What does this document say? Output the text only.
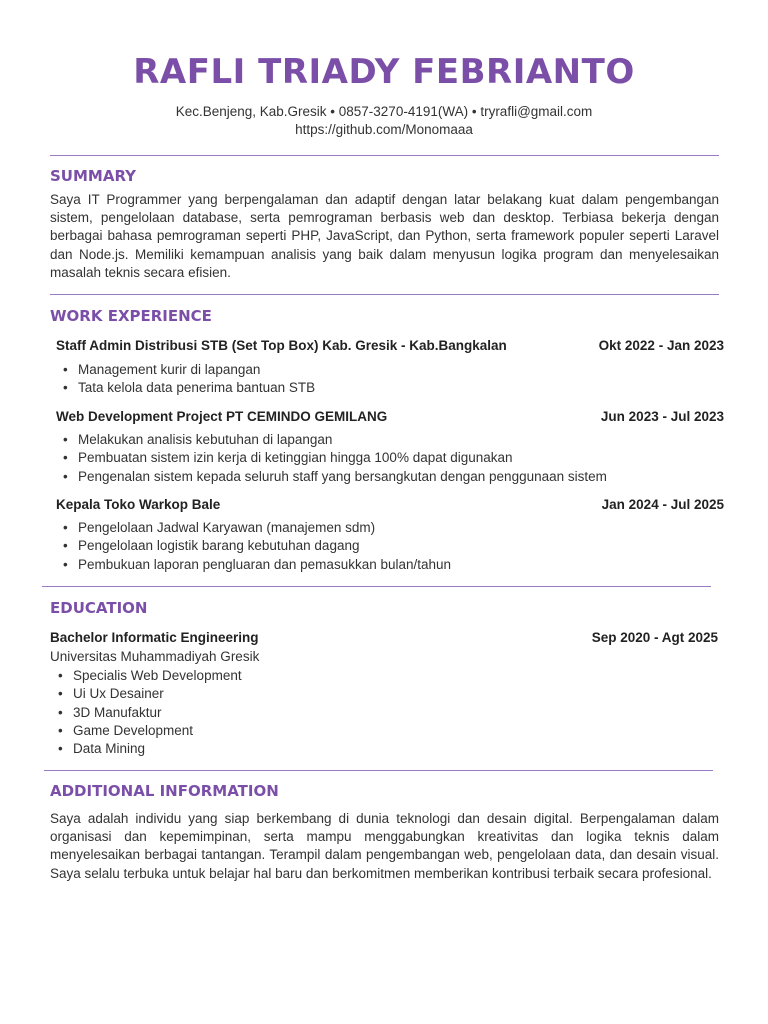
RAFLI TRIADY FEBRIANTO
Kec.Benjeng, Kab.Gresik • 0857-3270-4191(WA) • tryrafli@gmail.com
https://github.com/Monomaaa
SUMMARY

Saya IT Programmer yang berpengalaman dan adaptif dengan latar belakang kuat dalam pengembangan sistem, pengelolaan database, serta pemrograman berbasis web dan desktop. Terbiasa bekerja dengan berbagai bahasa pemrograman seperti PHP, JavaScript, dan Python, serta framework populer seperti Laravel dan Node.js. Memiliki kemampuan analisis yang baik dalam menyusun logika program dan menyelesaikan masalah teknis secara efisien.

WORK EXPERIENCE
Staff Admin Distribusi STB (Set Top Box) Kab. Gresik - Kab.Bangkalan	Okt 2022 - Jan 2023
• Management kurir di lapangan
• Tata kelola data penerima bantuan STB
Web Development Project PT CEMINDO GEMILANG	Jun 2023 - Jul 2023
• Melakukan analisis kebutuhan di lapangan
• Pembuatan sistem izin kerja di ketinggian hingga 100% dapat digunakan
• Pengenalan sistem kepada seluruh staff yang bersangkutan dengan penggunaan sistem
Kepala Toko Warkop Bale	Jan 2024 - Jul 2025
• Pengelolaan Jadwal Karyawan (manajemen sdm)
• Pengelolaan logistik barang kebutuhan dagang
• Pembukuan laporan pengluaran dan pemasukkan bulan/tahun
EDUCATION
Bachelor Informatic Engineering	Sep 2020 - Agt 2025
Universitas Muhammadiyah Gresik
• Specialis Web Development
• Ui Ux Desainer
• 3D Manufaktur
• Game Development
• Data Mining
ADDITIONAL INFORMATION

Saya adalah individu yang siap berkembang di dunia teknologi dan desain digital. Berpengalaman dalam organisasi dan kepemimpinan, serta mampu menggabungkan kreativitas dan logika teknis dalam menyelesaikan berbagai tantangan. Terampil dalam pengembangan web, pengelolaan data, dan desain visual. Saya selalu terbuka untuk belajar hal baru dan berkomitmen memberikan kontribusi terbaik secara profesional.
